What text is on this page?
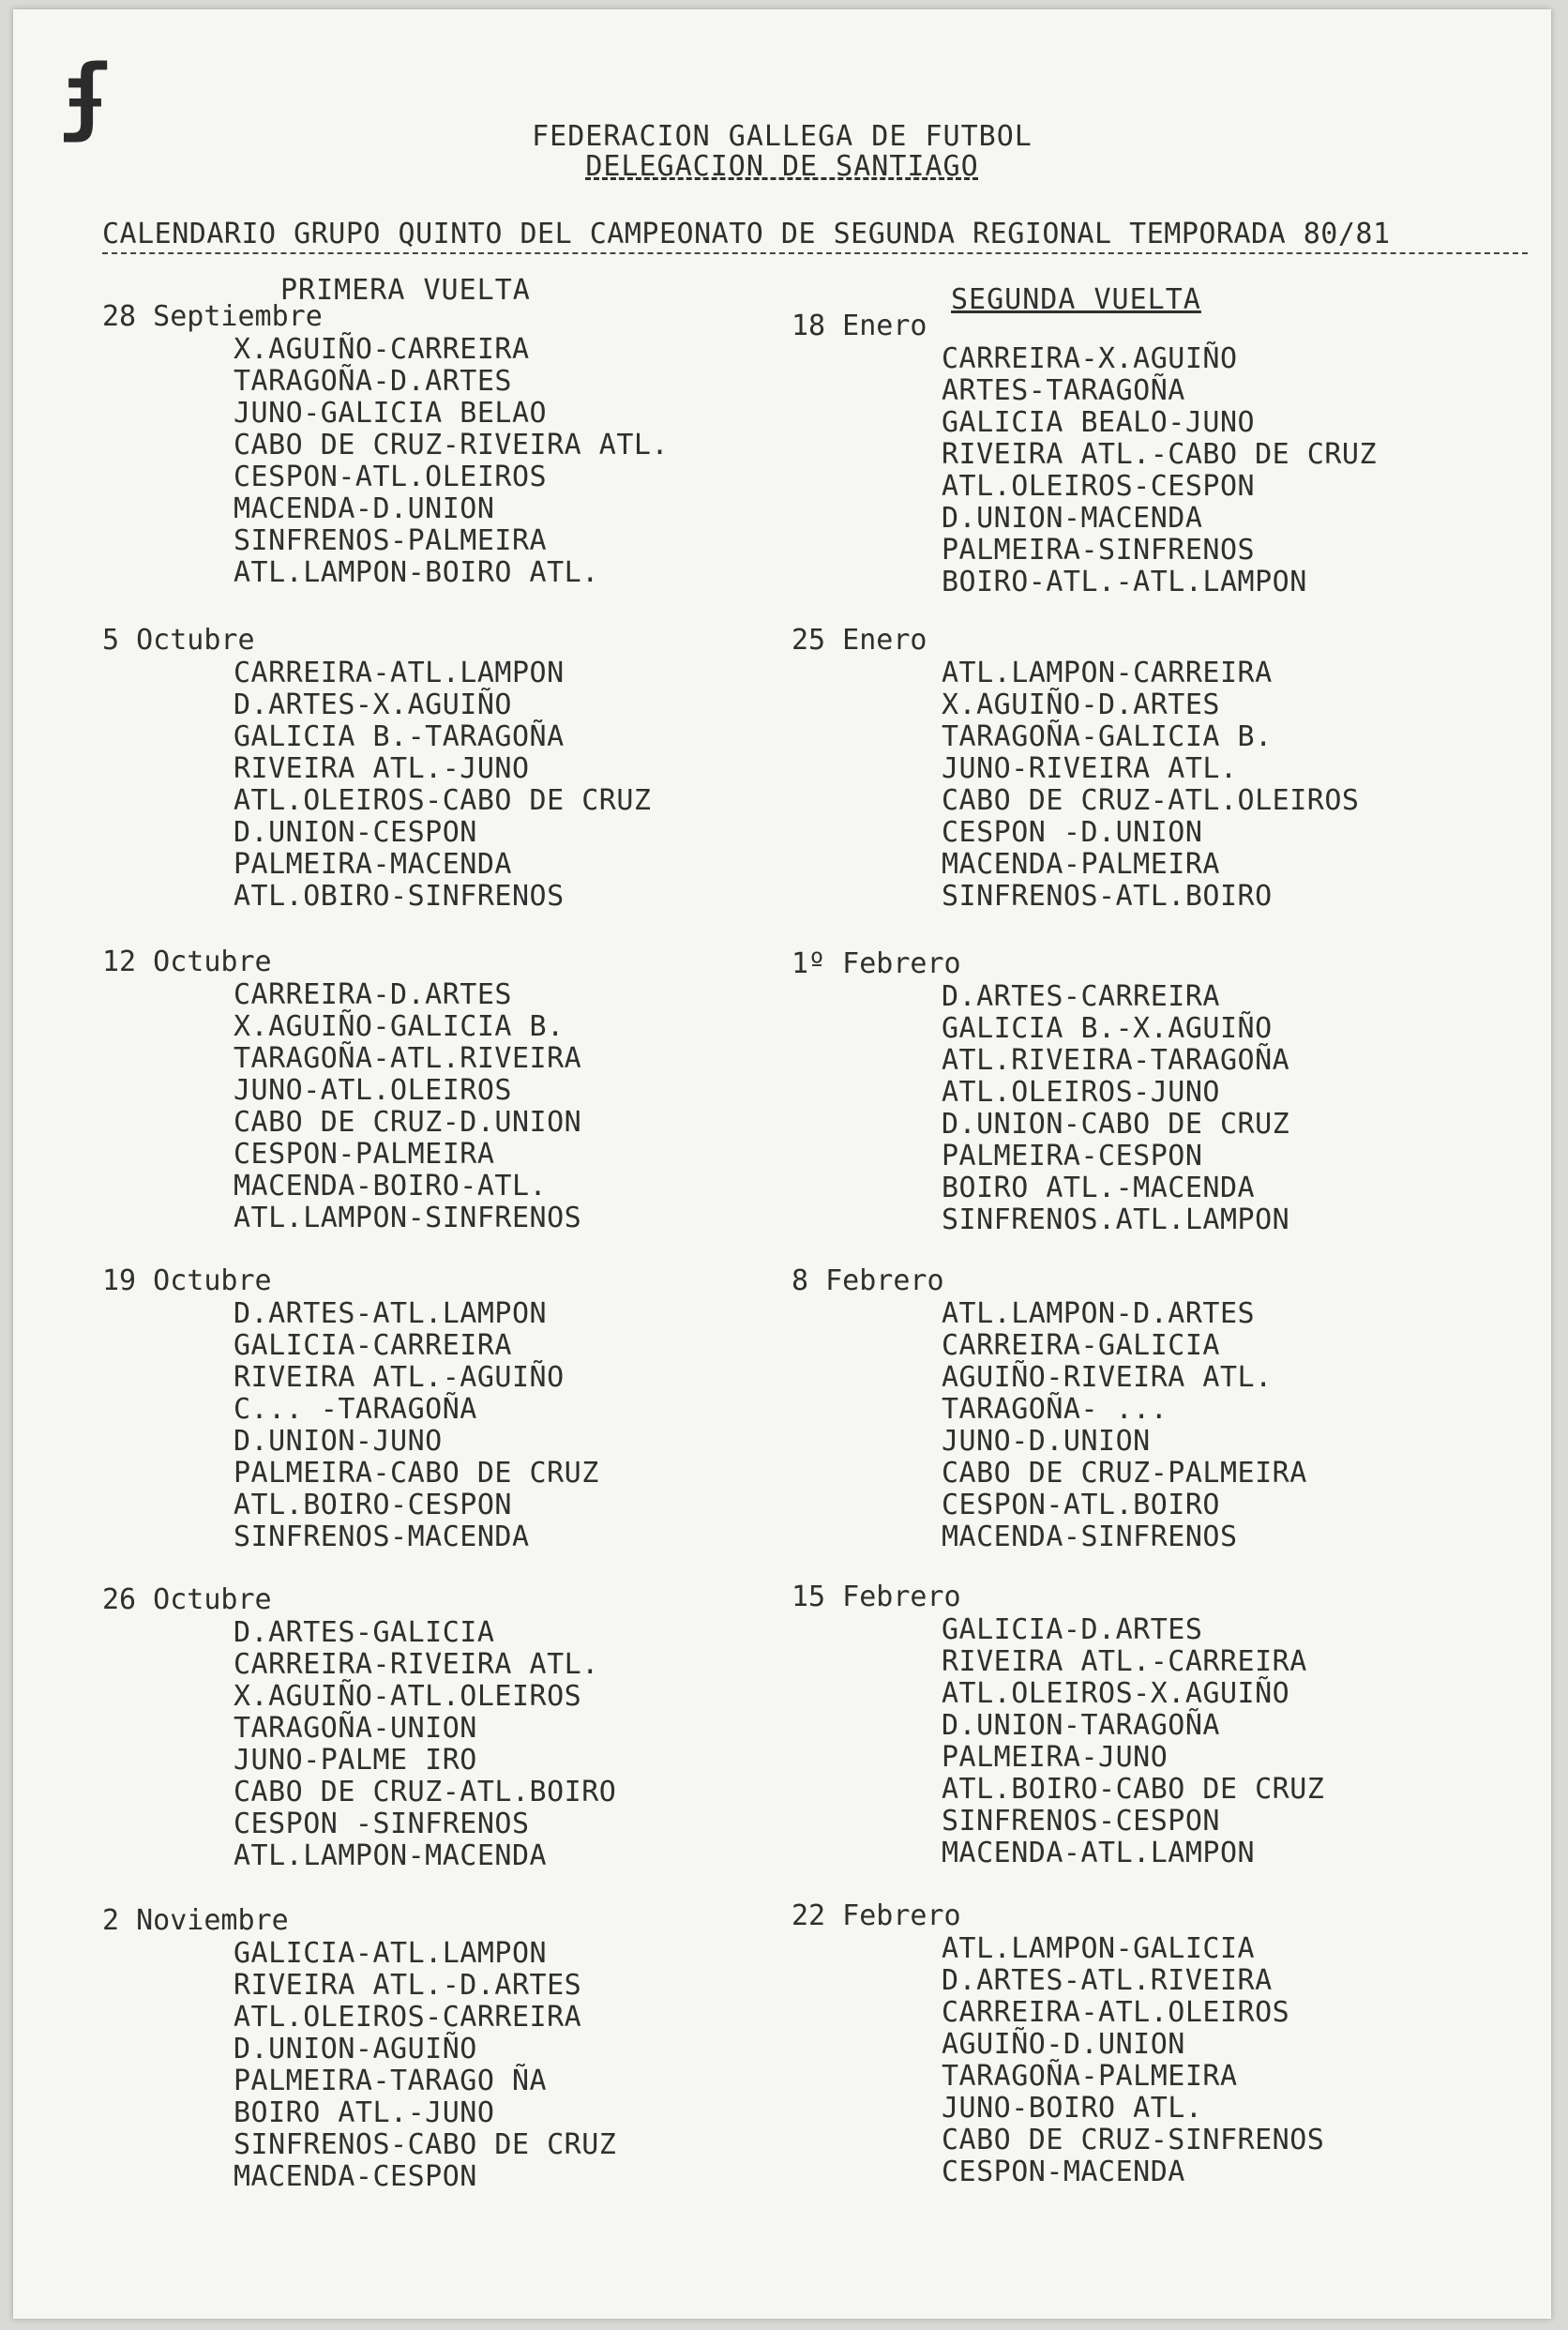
ʄ	FEDERACION GALLEGA DE FUTBOL
DELEGACION DE SANTIAGO
CALENDARIO GRUPO QUINTO DEL CAMPEONATO DE SEGUNDA REGIONAL TEMPORADA 80/81
PRIMERA VUELTA	SEGUNDA VUELTA
28 Septiembre
X.AGUIÑO-CARREIRA
TARAGOÑA-D.ARTES
JUNO-GALICIA BELAO
CABO DE CRUZ-RIVEIRA ATL.
CESPON-ATL.OLEIROS
MACENDA-D.UNION
SINFRENOS-PALMEIRA
ATL.LAMPON-BOIRO ATL.
5 Octubre
CARREIRA-ATL.LAMPON
D.ARTES-X.AGUIÑO
GALICIA B.-TARAGOÑA
RIVEIRA ATL.-JUNO
ATL.OLEIROS-CABO DE CRUZ
D.UNION-CESPON
PALMEIRA-MACENDA
ATL.OBIRO-SINFRENOS
12 Octubre
CARREIRA-D.ARTES
X.AGUIÑO-GALICIA B.
TARAGOÑA-ATL.RIVEIRA
JUNO-ATL.OLEIROS
CABO DE CRUZ-D.UNION
CESPON-PALMEIRA
MACENDA-BOIRO-ATL.
ATL.LAMPON-SINFRENOS
19 Octubre
D.ARTES-ATL.LAMPON
GALICIA-CARREIRA
RIVEIRA ATL.-AGUIÑO
C... -TARAGOÑA
D.UNION-JUNO
PALMEIRA-CABO DE CRUZ
ATL.BOIRO-CESPON
SINFRENOS-MACENDA
26 Octubre
D.ARTES-GALICIA
CARREIRA-RIVEIRA ATL.
X.AGUIÑO-ATL.OLEIROS
TARAGOÑA-UNION
JUNO-PALME IRO
CABO DE CRUZ-ATL.BOIRO
CESPON -SINFRENOS
ATL.LAMPON-MACENDA
2 Noviembre
GALICIA-ATL.LAMPON
RIVEIRA ATL.-D.ARTES
ATL.OLEIROS-CARREIRA
D.UNION-AGUIÑO
PALMEIRA-TARAGO ÑA
BOIRO ATL.-JUNO
SINFRENOS-CABO DE CRUZ
MACENDA-CESPON
18 Enero
CARREIRA-X.AGUIÑO
ARTES-TARAGOÑA
GALICIA BEALO-JUNO
RIVEIRA ATL.-CABO DE CRUZ
ATL.OLEIROS-CESPON
D.UNION-MACENDA
PALMEIRA-SINFRENOS
BOIRO-ATL.-ATL.LAMPON
25 Enero
ATL.LAMPON-CARREIRA
X.AGUIÑO-D.ARTES
TARAGOÑA-GALICIA B.
JUNO-RIVEIRA ATL.
CABO DE CRUZ-ATL.OLEIROS
CESPON -D.UNION
MACENDA-PALMEIRA
SINFRENOS-ATL.BOIRO
1º Febrero
D.ARTES-CARREIRA
GALICIA B.-X.AGUIÑO
ATL.RIVEIRA-TARAGOÑA
ATL.OLEIROS-JUNO
D.UNION-CABO DE CRUZ
PALMEIRA-CESPON
BOIRO ATL.-MACENDA
SINFRENOS.ATL.LAMPON
8 Febrero
ATL.LAMPON-D.ARTES
CARREIRA-GALICIA
AGUIÑO-RIVEIRA ATL.
TARAGOÑA- ...
JUNO-D.UNION
CABO DE CRUZ-PALMEIRA
CESPON-ATL.BOIRO
MACENDA-SINFRENOS
15 Febrero
GALICIA-D.ARTES
RIVEIRA ATL.-CARREIRA
ATL.OLEIROS-X.AGUIÑO
D.UNION-TARAGOÑA
PALMEIRA-JUNO
ATL.BOIRO-CABO DE CRUZ
SINFRENOS-CESPON
MACENDA-ATL.LAMPON
22 Febrero
ATL.LAMPON-GALICIA
D.ARTES-ATL.RIVEIRA
CARREIRA-ATL.OLEIROS
AGUIÑO-D.UNION
TARAGOÑA-PALMEIRA
JUNO-BOIRO ATL.
CABO DE CRUZ-SINFRENOS
CESPON-MACENDA
